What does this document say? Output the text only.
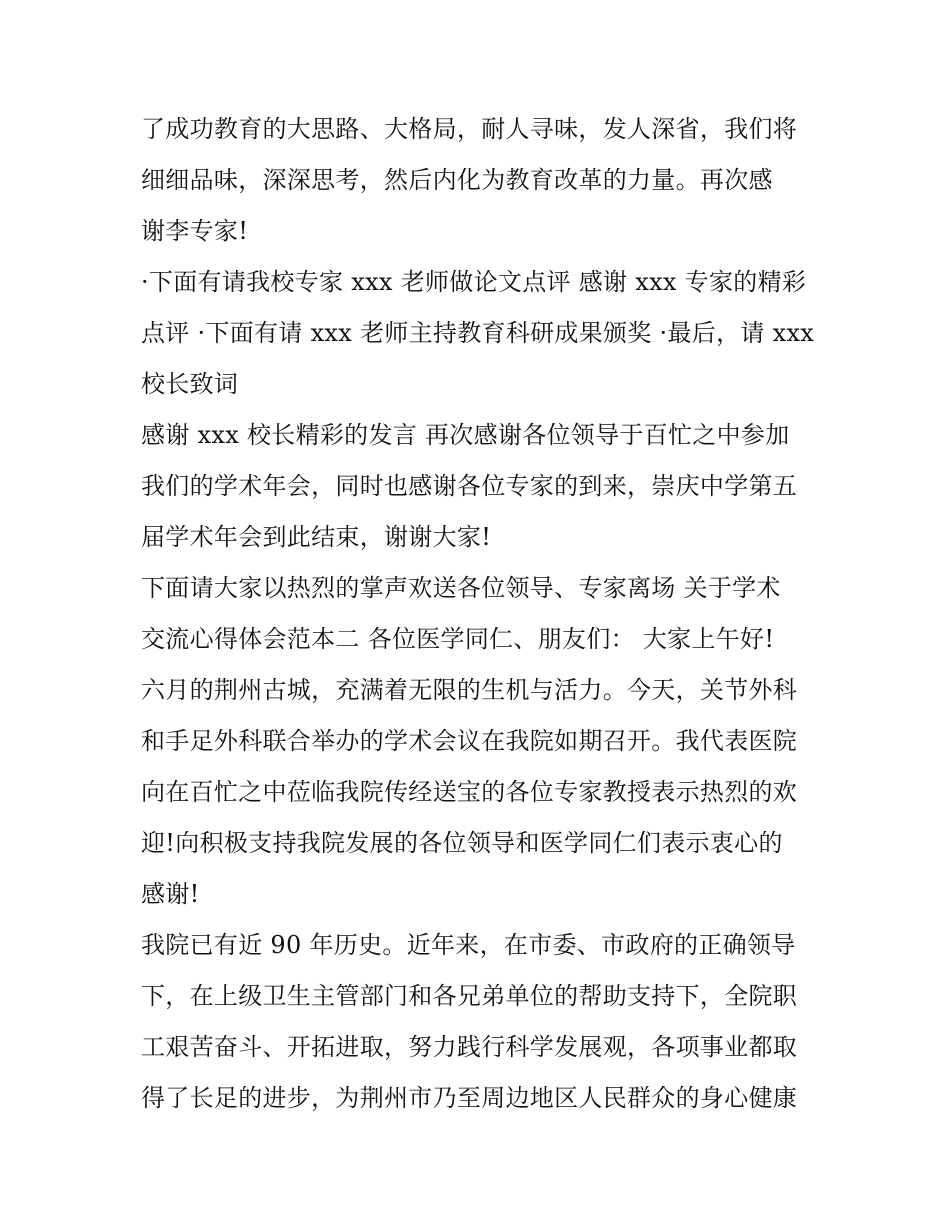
了成功教育的大思路、大格局，耐人寻味，发人深省，我们将
细细品味，深深思考，然后内化为教育改革的力量。再次感
谢李专家!
·下面有请我校专家 xxx 老师做论文点评 感谢 xxx 专家的精彩
点评 ·下面有请 xxx 老师主持教育科研成果颁奖 ·最后，请 xxx
校长致词
感谢 xxx 校长精彩的发言 再次感谢各位领导于百忙之中参加
我们的学术年会，同时也感谢各位专家的到来，崇庆中学第五
届学术年会到此结束，谢谢大家!
下面请大家以热烈的掌声欢送各位领导、专家离场 关于学术
交流心得体会范本二 各位医学同仁、朋友们： 大家上午好!
六月的荆州古城，充满着无限的生机与活力。今天，关节外科
和手足外科联合举办的学术会议在我院如期召开。我代表医院
向在百忙之中莅临我院传经送宝的各位专家教授表示热烈的欢
迎!向积极支持我院发展的各位领导和医学同仁们表示衷心的
感谢!
我院已有近 90 年历史。近年来，在市委、市政府的正确领导
下，在上级卫生主管部门和各兄弟单位的帮助支持下，全院职
工艰苦奋斗、开拓进取，努力践行科学发展观，各项事业都取
得了长足的进步，为荆州市乃至周边地区人民群众的身心健康
